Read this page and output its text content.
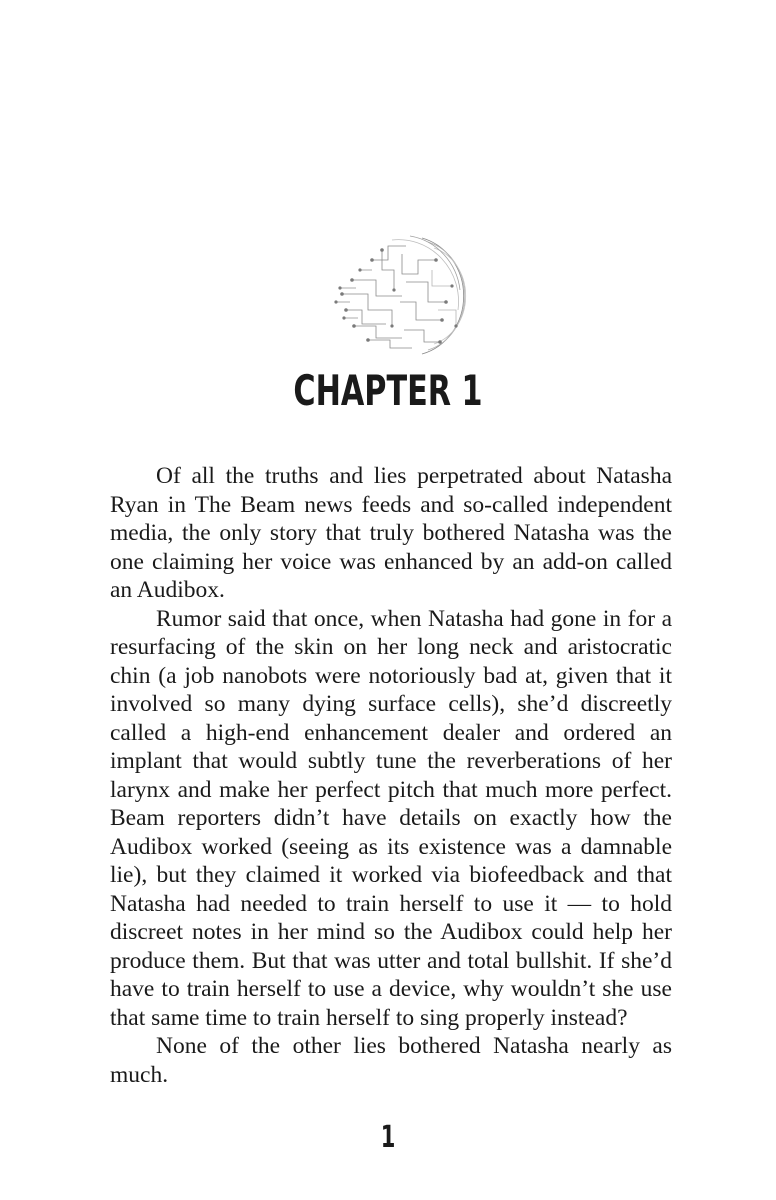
CHAPTER 1

Of all the truths and lies perpetrated about Natasha Ryan in The Beam news feeds and so-called independent media, the only story that truly bothered Natasha was the one claiming her voice was enhanced by an add-on called an Audibox.

Rumor said that once, when Natasha had gone in for a resurfacing of the skin on her long neck and aristocratic chin (a job nanobots were notoriously bad at, given that it involved so many dying surface cells), she’d discreetly called a high-end enhancement dealer and ordered an implant that would subtly tune the reverberations of her larynx and make her perfect pitch that much more perfect. Beam reporters didn’t have details on exactly how the Audibox worked (seeing as its existence was a damnable lie), but they claimed it worked via biofeedback and that Natasha had needed to train herself to use it — to hold discreet notes in her mind so the Audibox could help her produce them. But that was utter and total bullshit. If she’d have to train herself to use a device, why wouldn’t she use that same time to train herself to sing properly instead?

None of the other lies bothered Natasha nearly as much.

1
